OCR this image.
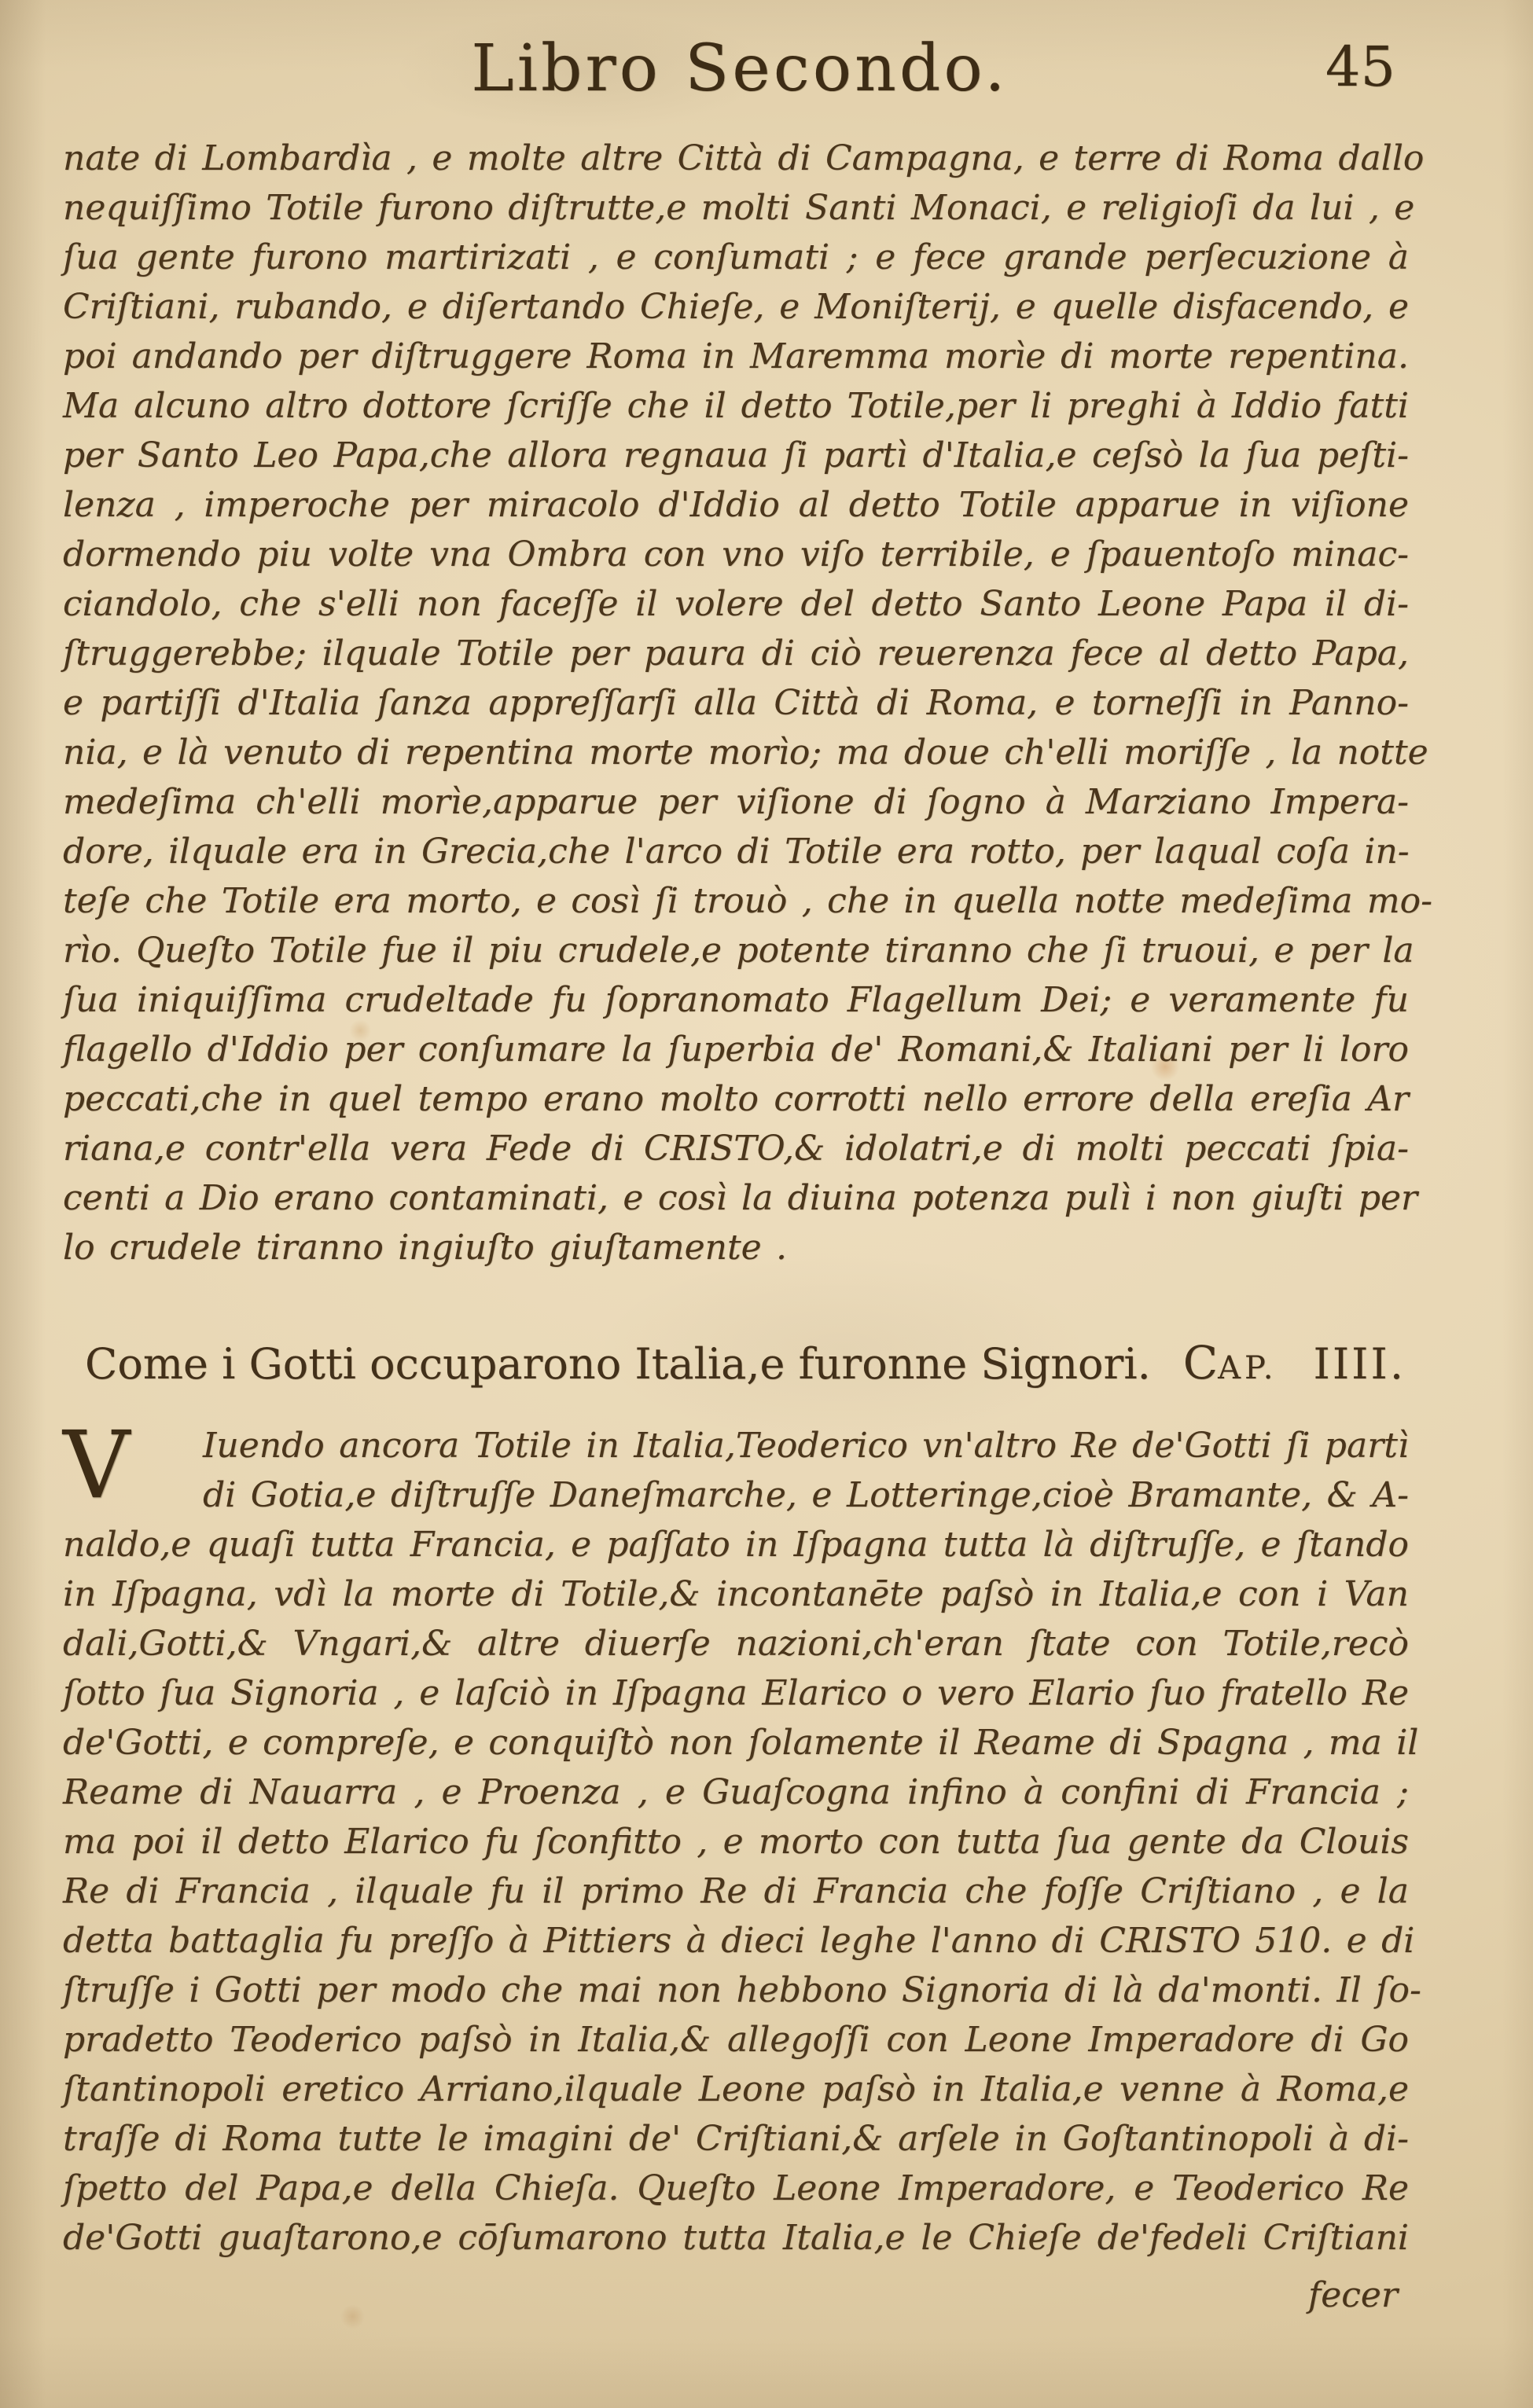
Libro Secondo.	45
nate di Lombardìa , e molte altre Città di Campagna, e terre di Roma dallo
nequiſſimo Totile furono diſtrutte,e molti Santi Monaci, e religioſi da lui , e
ſua gente furono martirizati , e conſumati ; e fece grande perſecuzione à
Criſtiani, rubando, e diſertando Chieſe, e Moniſterij, e quelle disfacendo, e
poi andando per diſtruggere Roma in Maremma morìe di morte repentina.
Ma alcuno altro dottore ſcriſſe che il detto Totile,per li preghi à Iddio fatti
per Santo Leo Papa,che allora regnaua ſi partì d'Italia,e ceſsò la ſua peſti-
lenza , imperoche per miracolo d'Iddio al detto Totile apparue in viſione
dormendo piu volte vna Ombra con vno viſo terribile, e ſpauentoſo minac-
ciandolo, che s'elli non faceſſe il volere del detto Santo Leone Papa il di-
ſtruggerebbe; ilquale Totile per paura di ciò reuerenza fece al detto Papa,
e partiſſi d'Italia ſanza appreſſarſi alla Città di Roma, e torneſſi in Panno-
nia, e là venuto di repentina morte morìo; ma doue ch'elli moriſſe , la notte
medeſima ch'elli morìe,apparue per viſione di ſogno à Marziano Impera-
dore, ilquale era in Grecia,che l'arco di Totile era rotto, per laqual coſa in-
teſe che Totile era morto, e così ſi trouò , che in quella notte medeſima mo-
rìo. Queſto Totile fue il piu crudele,e potente tiranno che ſi truoui, e per la
ſua iniquiſſima crudeltade fu ſopranomato Flagellum Dei; e veramente fu
flagello d'Iddio per conſumare la ſuperbia de' Romani,& Italiani per li loro
peccati,che in quel tempo erano molto corrotti nello errore della ereſia Ar
riana,e contr'ella vera Fede di CRISTO,& idolatri,e di molti peccati ſpia-
centi a Dio erano contaminati, e così la diuina potenza pulì i non giuſti per
lo crudele tiranno ingiuſto giuſtamente .
Come i Gotti occuparono Italia,e furonne Signori. CAP. IIII.
V	Iuendo ancora Totile in Italia,Teoderico vn'altro Re de'Gotti ſi partì
di Gotia,e diſtruſſe Daneſmarche, e Lotteringe,cioè Bramante, & A-
naldo,e quaſi tutta Francia, e paſſato in Iſpagna tutta là diſtruſſe, e ſtando
in Iſpagna, vdì la morte di Totile,& incontanēte paſsò in Italia,e con i Van
dali,Gotti,& Vngari,& altre diuerſe nazioni,ch'eran ſtate con Totile,recò
ſotto ſua Signoria , e laſciò in Iſpagna Elarico o vero Elario ſuo fratello Re
de'Gotti, e compreſe, e conquiſtò non ſolamente il Reame di Spagna , ma il
Reame di Nauarra , e Proenza , e Guaſcogna infino à confini di Francia ;
ma poi il detto Elarico fu ſconfitto , e morto con tutta ſua gente da Clouis
Re di Francia , ilquale fu il primo Re di Francia che foſſe Criſtiano , e la
detta battaglia fu preſſo à Pittiers à dieci leghe l'anno di CRISTO 510. e di
ſtruſſe i Gotti per modo che mai non hebbono Signoria di là da'monti. Il ſo-
pradetto Teoderico paſsò in Italia,& allegoſſi con Leone Imperadore di Go
ſtantinopoli eretico Arriano,ilquale Leone paſsò in Italia,e venne à Roma,e
traſſe di Roma tutte le imagini de' Criſtiani,& arſele in Goſtantinopoli à di-
ſpetto del Papa,e della Chieſa. Queſto Leone Imperadore, e Teoderico Re
de'Gotti guaſtarono,e cōſumarono tutta Italia,e le Chieſe de'fedeli Criſtiani
fecer
